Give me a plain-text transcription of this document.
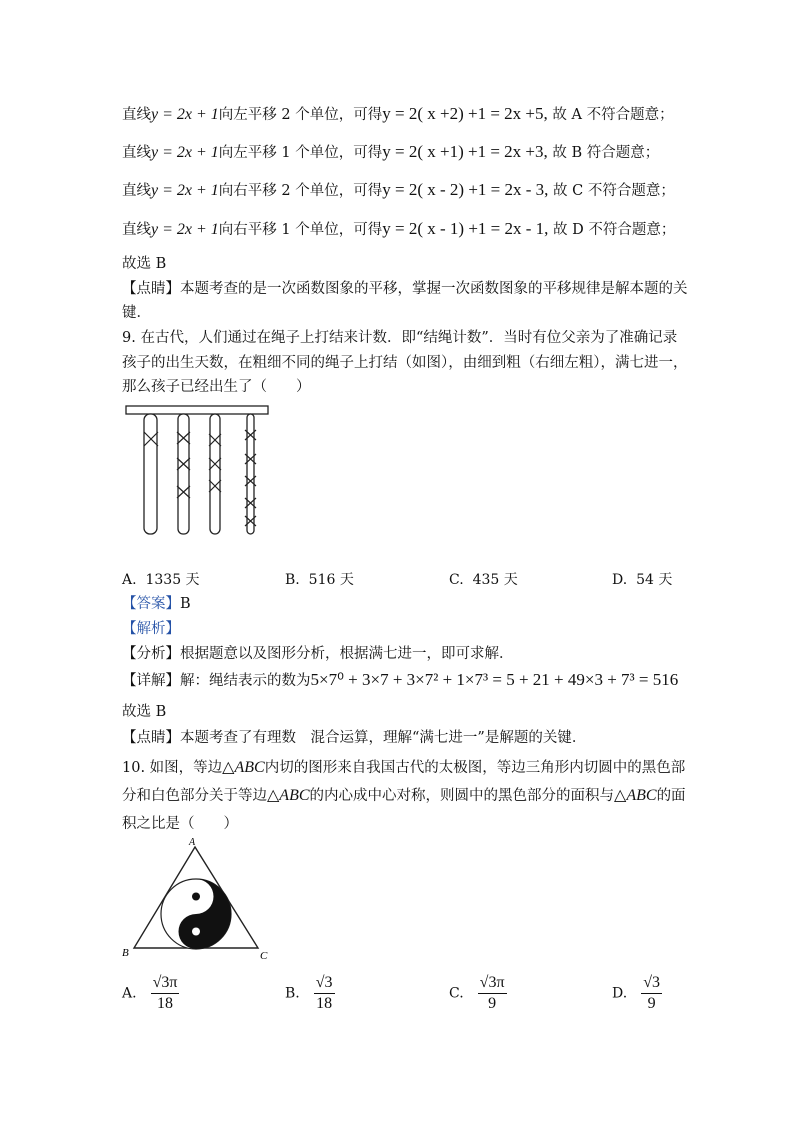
直线y = 2x + 1向左平移 2 个单位，可得y = 2( x +2) +1 = 2x +5, 故 A 不符合题意；
直线y = 2x + 1向左平移 1 个单位，可得y = 2( x +1) +1 = 2x +3, 故 B 符合题意；
直线y = 2x + 1向右平移 2 个单位，可得y = 2( x - 2) +1 = 2x - 3, 故 C 不符合题意；
直线y = 2x + 1向右平移 1 个单位，可得y = 2( x - 1) +1 = 2x - 1, 故 D 不符合题意；
故选 B
【点睛】本题考查的是一次函数图象的平移，掌握一次函数图象的平移规律是解本题的关
键．
9. 在古代，人们通过在绳子上打结来计数．即“结绳计数”．当时有位父亲为了准确记录
孩子的出生天数，在粗细不同的绳子上打结（如图），由细到粗（右细左粗），满七进一，
那么孩子已经出生了（　　）
A. 1335 天	B. 516 天	C. 435 天	D. 54 天
【答案】B
【解析】
【分析】根据题意以及图形分析，根据满七进一，即可求解．
【详解】解：绳结表示的数为5×7⁰ + 3×7 + 3×7² + 1×7³ = 5 + 21 + 49×3 + 7³ = 516
故选 B
【点睛】本题考查了有理数　混合运算，理解“满七进一”是解题的关键．
10. 如图，等边△ABC内切的图形来自我国古代的太极图，等边三角形内切圆中的黑色部
分和白色部分关于等边△ABC的内心成中心对称，则圆中的黑色部分的面积与△ABC的面
积之比是（　　）
A
B	C
A. $\frac{√3\pi}{18}$	B. $\frac{√3}{18}$	C. $\frac{√3\pi}{9}$	D. $\frac{√3}{9}$
